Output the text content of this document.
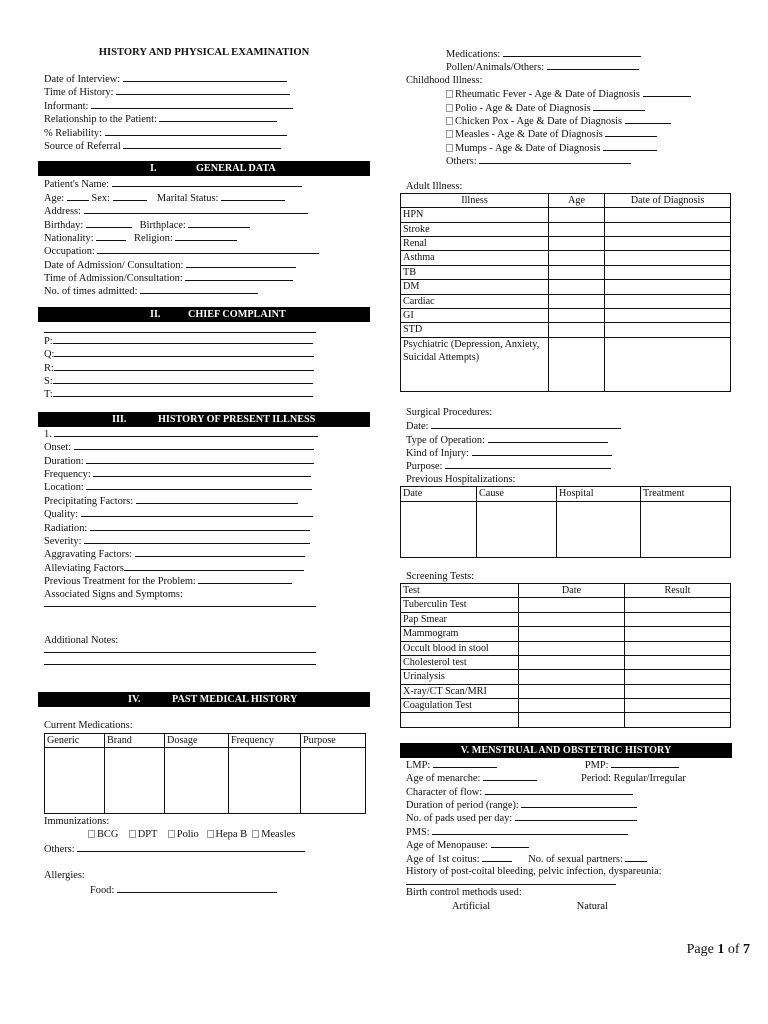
HISTORY AND PHYSICAL EXAMINATION
Date of Interview:
Time of History:
Informant:
Relationship to the Patient:
% Reliability:
Source of Referral
I.	GENERAL DATA
Patient's Name:
Age:	Sex:	Marital Status:
Address:
Birthday:	Birthplace:
Nationality:	Religion:
Occupation:
Date of Admission/ Consultation:
Time of Admission/Consultation:
No. of times admitted:
II.	CHIEF COMPLAINT
P:
Q:
R:
S:
T:
III.	HISTORY OF PRESENT ILLNESS
1.
Onset:
Duration:
Frequency:
Location:
Precipitating Factors:
Quality:
Radiation:
Severity:
Aggravating Factors:
Alleviating Factors
Previous Treatment for the Problem:
Associated Signs and Symptoms:
Additional Notes:
IV.	PAST MEDICAL HISTORY
Current Medications:
Generic	Brand	Dosage	Frequency	Purpose

Immunizations:
BCG DPT Polio Hepa B Measles
Others:
Allergies:
Food:
Medications:
Pollen/Animals/Others:
Childhood Illness:
Rheumatic Fever - Age & Date of Diagnosis
Polio - Age & Date of Diagnosis
Chicken Pox - Age & Date of Diagnosis
Measles - Age & Date of Diagnosis
Mumps - Age & Date of Diagnosis
Others:
Adult Illness:
Illness	Age	Date of Diagnosis
HPN		
Stroke		
Renal		
Asthma		
TB		
DM		
Cardiac		
GI		
STD		
Psychiatric (Depression, Anxiety, Suicidal Attempts)		
Surgical Procedures:
Date:
Type of Operation:
Kind of Injury:
Purpose:
Previous Hospitalizations:
Date	Cause	Hospital	Treatment

Screening Tests:
Test	Date	Result
Tuberculin Test		
Pap Smear		
Mammogram		
Occult blood in stool		
Cholesterol test		
Urinalysis		
X-ray/CT Scan/MRI		
Coagulation Test		

V. MENSTRUAL AND OBSTETRIC HISTORY
LMP:	PMP:
Age of menarche:	Period: Regular/Irregular
Character of flow:
Duration of period (range):
No. of pads used per day:
PMS:
Age of Menopause:
Age of 1st coitus:	No. of sexual partners:
History of post-coital bleeding, pelvic infection, dyspareunia:
Birth control methods used:
Artificial	Natural
Page 1 of 7
